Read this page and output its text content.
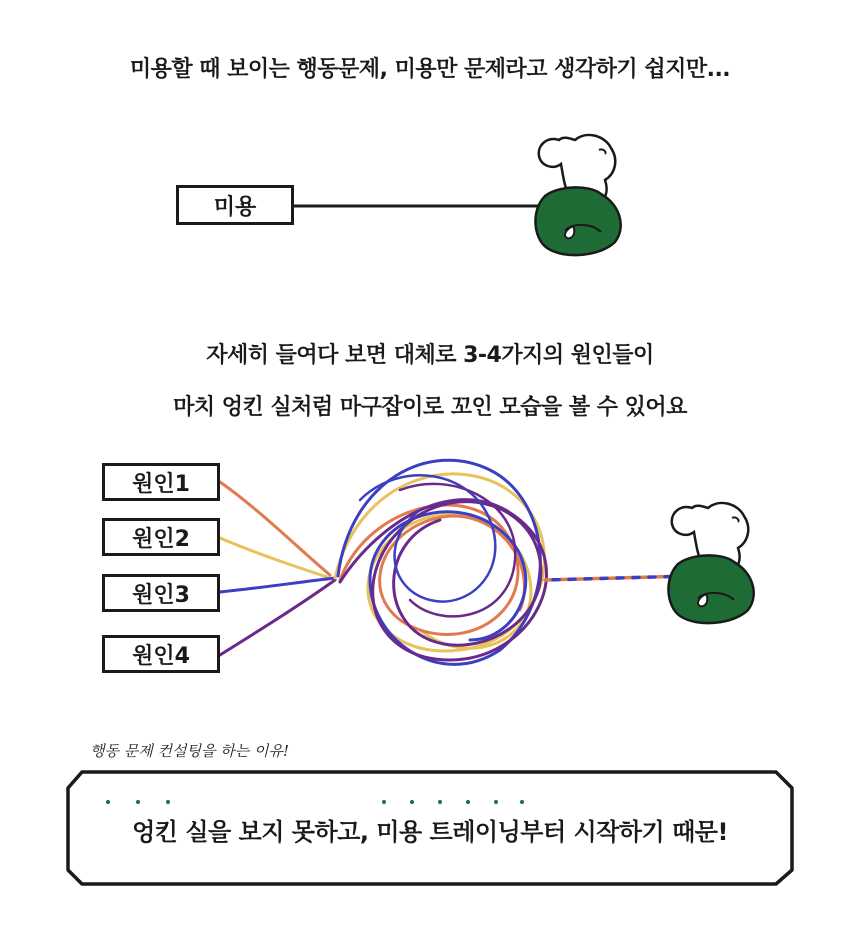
미용할 때 보이는 행동문제, 미용만 문제라고 생각하기 쉽지만...
미용
자세히 들여다 보면 대체로 3-4가지의 원인들이
마치 엉킨 실처럼 마구잡이로 꼬인 모습을 볼 수 있어요
원인1
원인2
원인3
원인4
행동 문제 컨설팅을 하는 이유!
엉킨 실을 보지 못하고, 미용 트레이닝부터 시작하기 때문!
